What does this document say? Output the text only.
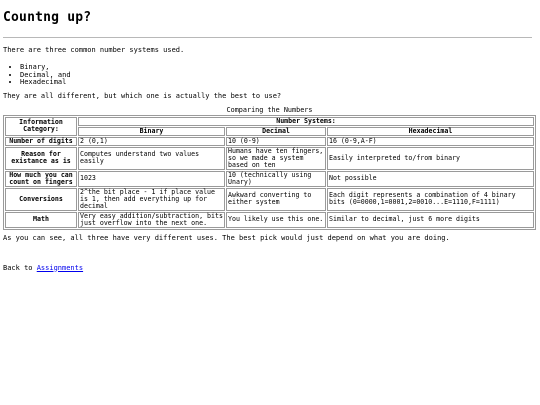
Countng up?

There are three common number systems used.

• Binary,
• Decimal, and
• Hexadecimal

They are all different, but which one is actually the best to use?

Comparing the Numbers
Information Category:	Number Systems:		
	Binary	Decimal	Hexadecimal
Number of digits	2 (0,1)	10 (0-9)	16 (0-9,A-F)
Reason for existance as is	Computes understand two values easily	Humans have ten fingers, so we made a system based on ten	Easily interpreted to/from binary
How much you can count on fingers	1023	10 (technically using Unary)	Not possible
Conversions	2^the bit place - 1 if place value is 1, then add everything up for decimal	Awkward converting to either system	Each digit represents a combination of 4 binary bits (0=0000,1=0001,2=0010...E=1110,F=1111)
Math	Very easy addition/subtraction, bits just overflow into the next one.	You likely use this one.	Similar to decimal, just 6 more digits

As you can see, all three have very different uses. The best pick would just depend on what you are doing.

Back to Assignments
